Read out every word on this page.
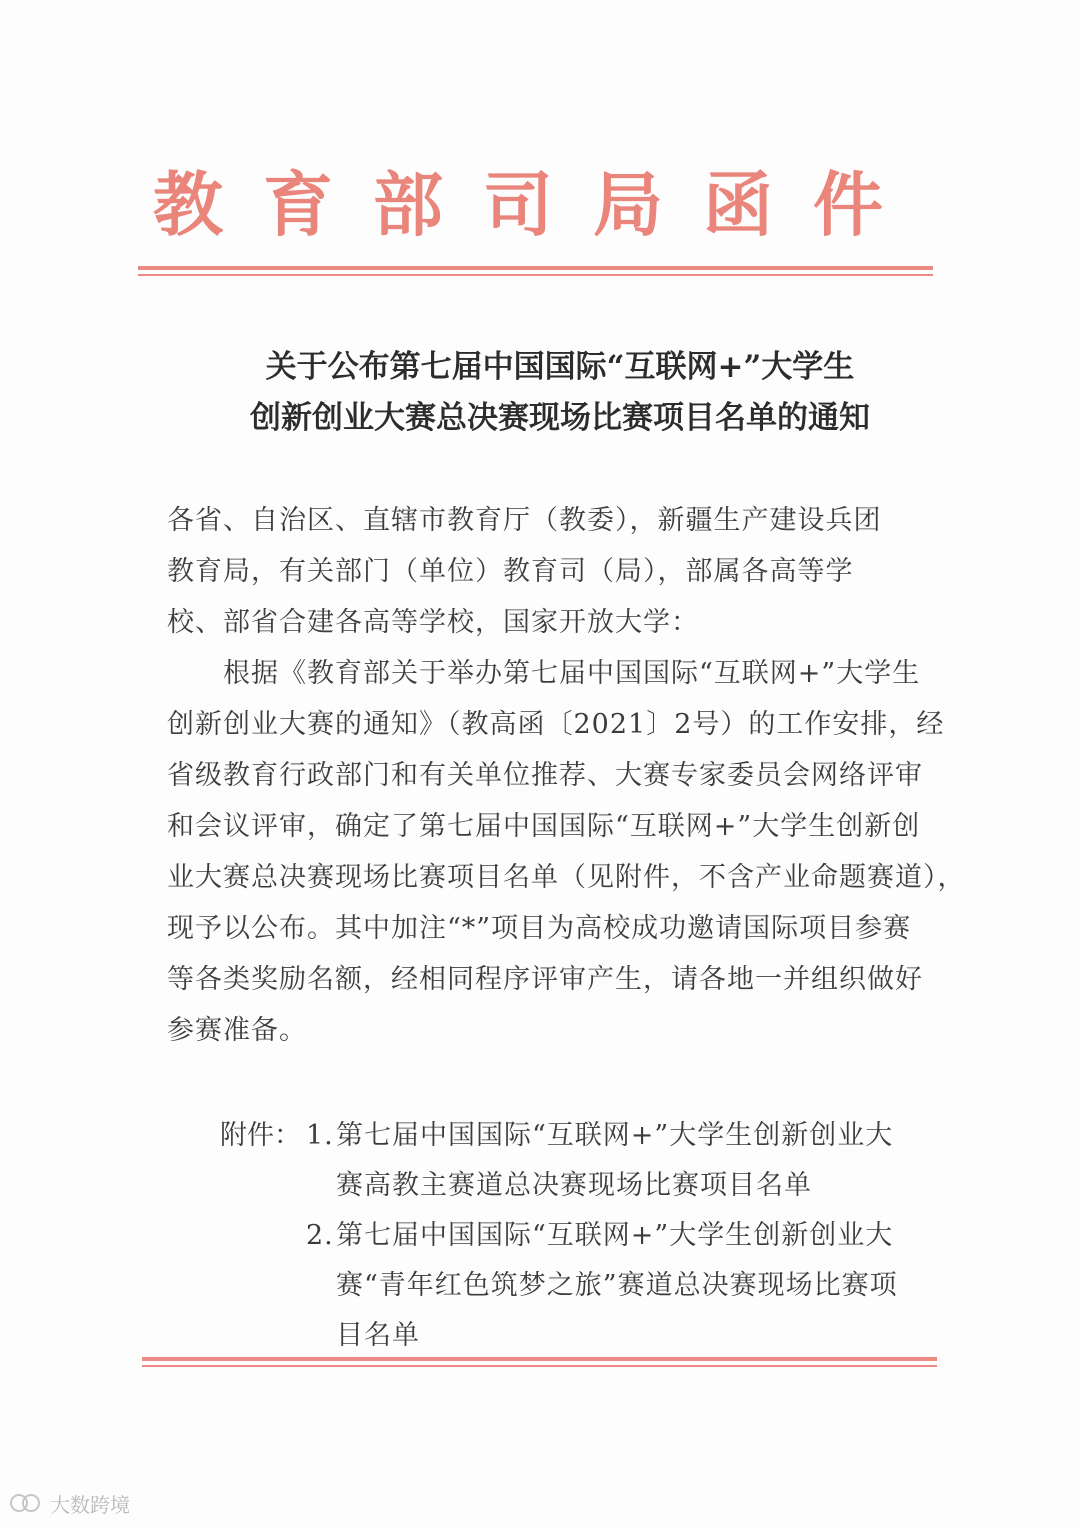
教育部司局函件
关于公布第七届中国国际“互联网+”大学生
创新创业大赛总决赛现场比赛项目名单的通知
各省、自治区、直辖市教育厅（教委），新疆生产建设兵团
教育局，有关部门（单位）教育司（局），部属各高等学
校、部省合建各高等学校，国家开放大学：
　　根据《教育部关于举办第七届中国国际“互联网+”大学生
创新创业大赛的通知》（教高函〔2021〕2号）的工作安排，经
省级教育行政部门和有关单位推荐、大赛专家委员会网络评审
和会议评审，确定了第七届中国国际“互联网+”大学生创新创
业大赛总决赛现场比赛项目名单（见附件，不含产业命题赛道），
现予以公布。其中加注“*”项目为高校成功邀请国际项目参赛
等各类奖励名额，经相同程序评审产生，请各地一并组织做好
参赛准备。
附件： 1.第七届中国国际“互联网+”大学生创新创业大
赛高教主赛道总决赛现场比赛项目名单
2.第七届中国国际“互联网+”大学生创新创业大
赛“青年红色筑梦之旅”赛道总决赛现场比赛项
目名单
大数跨境
